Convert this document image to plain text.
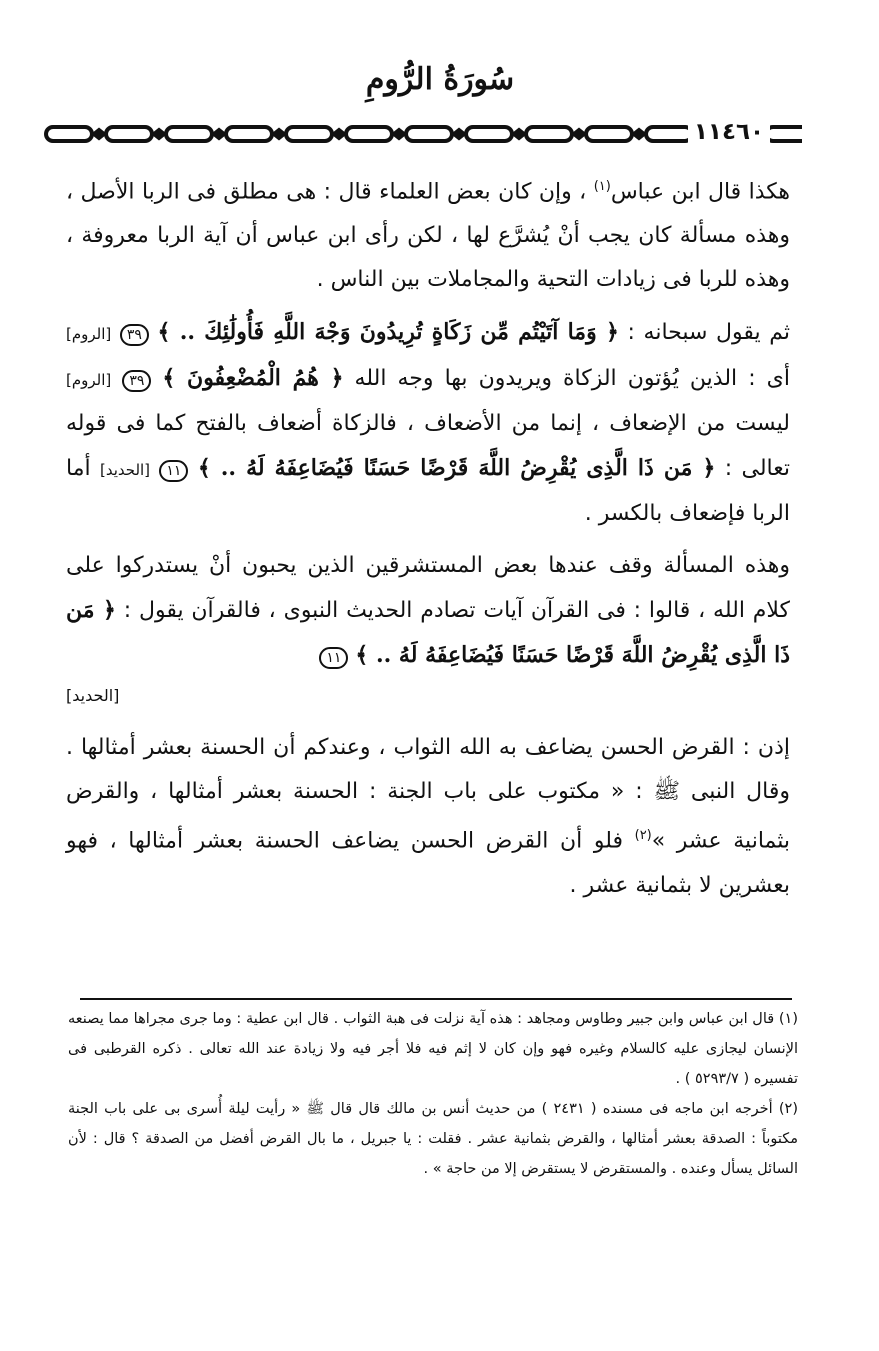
سُورَةُ الرُّومِ
١١٤٦٠

هكذا قال ابن عباس$^{(١)}$ ، وإن كان بعض العلماء قال : هى مطلق فى الربا الأصل ، وهذه مسألة كان يجب أنْ يُشرَّع لها ، لكن رأى ابن عباس أن آية الربا معروفة ، وهذه للربا فى زيادات التحية والمجاملات بين الناس .

ثم يقول سبحانه : ﴿ وَمَا آتَيْتُم مِّن زَكَاةٍ تُرِيدُونَ وَجْهَ اللَّهِ فَأُولَٰئِكَ .. ﴾ ٣٩ [الروم] أى : الذين يُؤتون الزكاة ويريدون بها وجه الله ﴿ هُمُ الْمُضْعِفُونَ ﴾ ٣٩ [الروم] ليست من الإضعاف ، إنما من الأضعاف ، فالزكاة أضعاف بالفتح كما فى قوله تعالى : ﴿ مَن ذَا الَّذِى يُقْرِضُ اللَّهَ قَرْضًا حَسَنًا فَيُضَاعِفَهُ لَهُ .. ﴾ ١١ [الحديد] أما الربا فإضعاف بالكسر .

وهذه المسألة وقف عندها بعض المستشرقين الذين يحبون أنْ يستدركوا على كلام الله ، قالوا : فى القرآن آيات تصادم الحديث النبوى ، فالقرآن يقول : ﴿ مَن ذَا الَّذِى يُقْرِضُ اللَّهَ قَرْضًا حَسَنًا فَيُضَاعِفَهُ لَهُ .. ﴾ ١١
[الحديد]

إذن : القرض الحسن يضاعف به الله الثواب ، وعندكم أن الحسنة بعشر أمثالها . وقال النبى ﷺ : « مكتوب على باب الجنة : الحسنة بعشر أمثالها ، والقرض بثمانية عشر »$^{(٢)}$ فلو أن القرض الحسن يضاعف الحسنة بعشر أمثالها ، فهو بعشرين لا بثمانية عشر .

(١) قال ابن عباس وابن جبير وطاوس ومجاهد : هذه آية نزلت فى هبة الثواب . قال ابن عطية : وما جرى مجراها مما يصنعه الإنسان ليجازى عليه كالسلام وغيره فهو وإن كان لا إثم فيه فلا أجر فيه ولا زيادة عند الله تعالى . ذكره القرطبى فى تفسيره ( ٥٢٩٣/٧ ) .

(٢) أخرجه ابن ماجه فى مسنده ( ٢٤٣١ ) من حديث أنس بن مالك قال قال ﷺ « رأيت ليلة أُسرى بى على باب الجنة مكتوباً : الصدقة بعشر أمثالها ، والقرض بثمانية عشر . فقلت : يا جبريل ، ما بال القرض أفضل من الصدقة ؟ قال : لأن السائل يسأل وعنده . والمستقرض لا يستقرض إلا من حاجة » .
